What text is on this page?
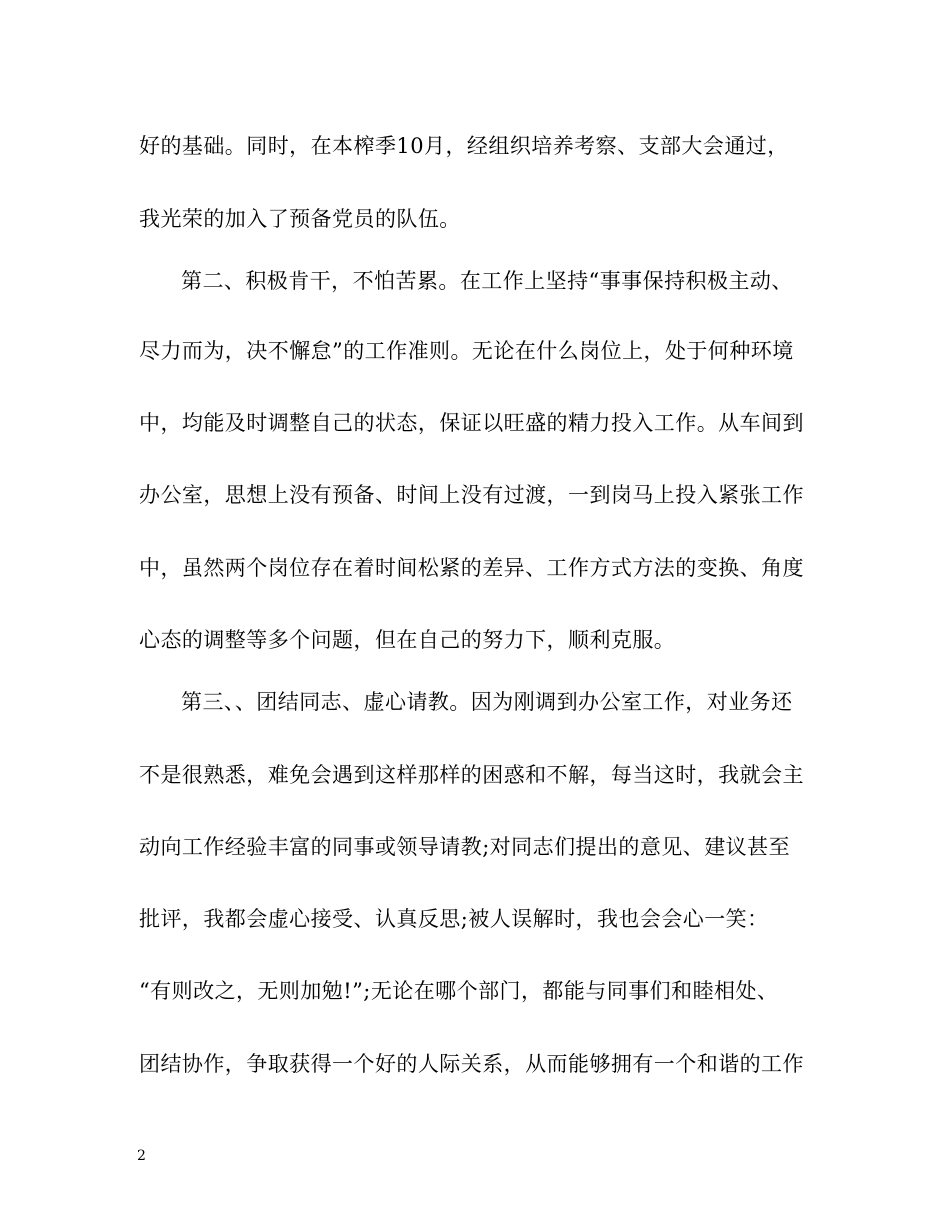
好的基础。同时，在本榨季10月，经组织培养考察、支部大会通过，
我光荣的加入了预备党员的队伍。
第二、积极肯干，不怕苦累。在工作上坚持“事事保持积极主动、
尽力而为，决不懈怠”的工作准则。无论在什么岗位上，处于何种环境
中，均能及时调整自己的状态，保证以旺盛的精力投入工作。从车间到
办公室，思想上没有预备、时间上没有过渡，一到岗马上投入紧张工作
中，虽然两个岗位存在着时间松紧的差异、工作方式方法的变换、角度
心态的调整等多个问题，但在自己的努力下，顺利克服。
第三、、团结同志、虚心请教。因为刚调到办公室工作，对业务还
不是很熟悉，难免会遇到这样那样的困惑和不解，每当这时，我就会主
动向工作经验丰富的同事或领导请教;对同志们提出的意见、建议甚至
批评，我都会虚心接受、认真反思;被人误解时，我也会会心一笑：
“有则改之，无则加勉!”;无论在哪个部门，都能与同事们和睦相处、
团结协作，争取获得一个好的人际关系，从而能够拥有一个和谐的工作
2
